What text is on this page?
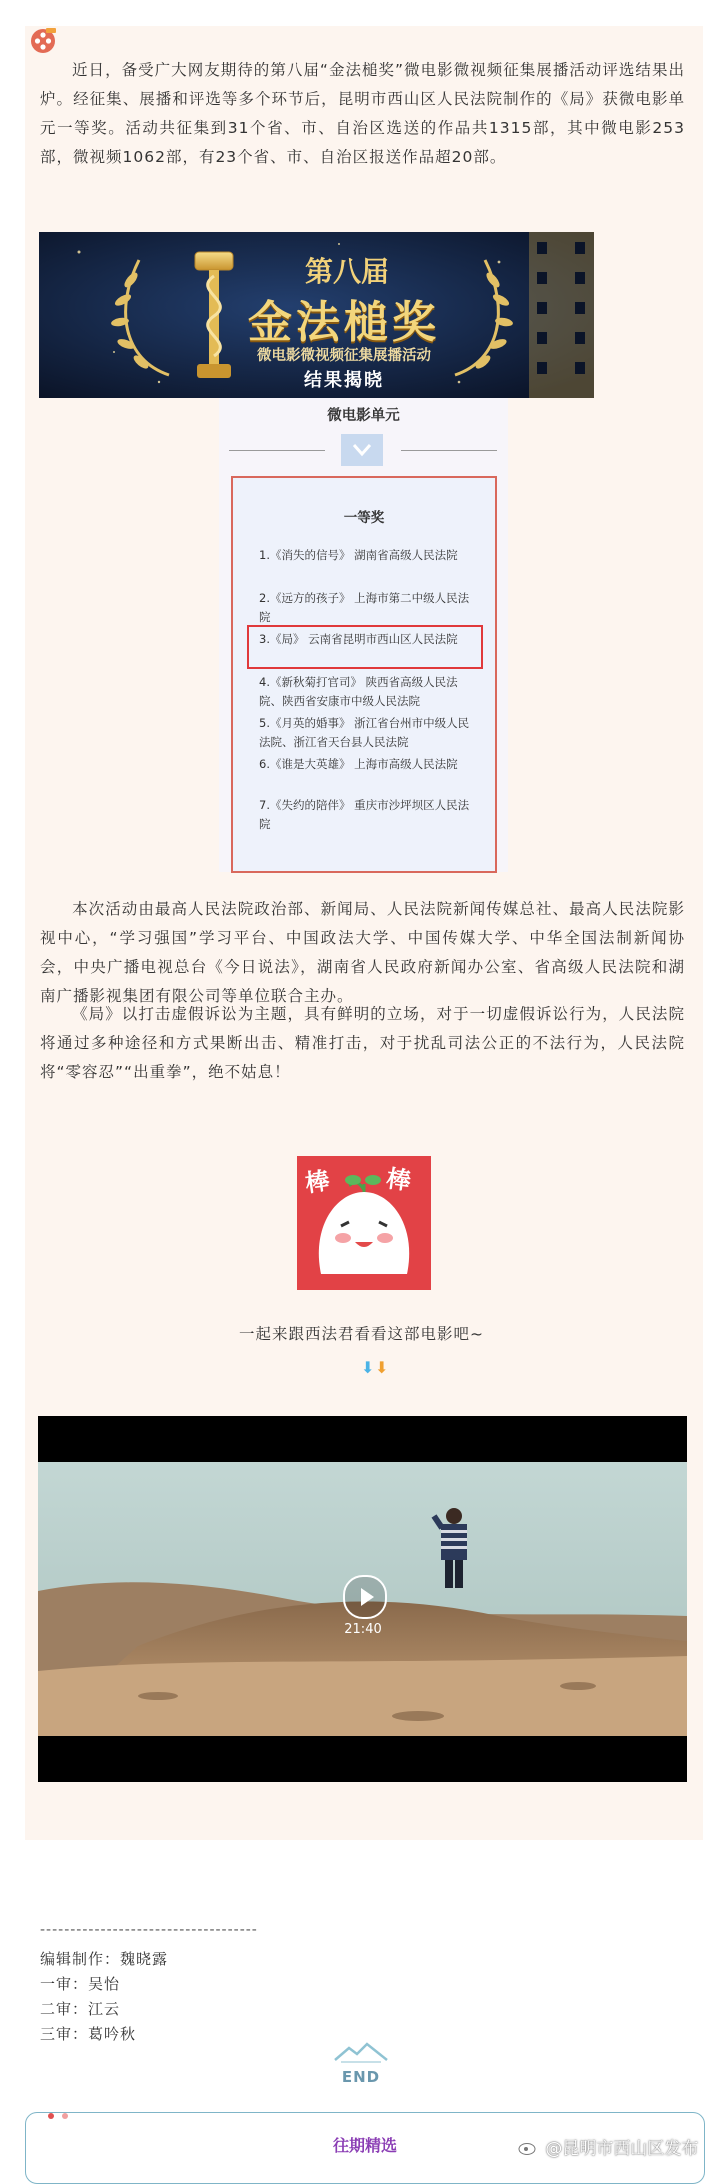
近日，备受广大网友期待的第八届“金法槌奖”微电影微视频征集展播活动评选结果出炉。经征集、展播和评选等多个环节后，昆明市西山区人民法院制作的《局》获微电影单元一等奖。活动共征集到31个省、市、自治区选送的作品共1315部，其中微电影253部，微视频1062部，有23个省、市、自治区报送作品超20部。

第八届
金法槌奖
微电影微视频征集展播活动
结果揭晓
微电影单元
一等奖
1.《消失的信号》 湖南省高级人民法院
2.《远方的孩子》 上海市第二中级人民法院
3.《局》 云南省昆明市西山区人民法院
4.《新秋菊打官司》 陕西省高级人民法院、陕西省安康市中级人民法院
5.《月英的婚事》 浙江省台州市中级人民法院、浙江省天台县人民法院
6.《谁是大英雄》 上海市高级人民法院
7.《失约的陪伴》 重庆市沙坪坝区人民法院

本次活动由最高人民法院政治部、新闻局、人民法院新闻传媒总社、最高人民法院影视中心，“学习强国”学习平台、中国政法大学、中国传媒大学、中华全国法制新闻协会，中央广播电视总台《今日说法》，湖南省人民政府新闻办公室、省高级人民法院和湖南广播影视集团有限公司等单位联合主办。

《局》以打击虚假诉讼为主题，具有鲜明的立场，对于一切虚假诉讼行为，人民法院将通过多种途径和方式果断出击、精准打击，对于扰乱司法公正的不法行为，人民法院将“零容忍”“出重拳”，绝不姑息！

棒 棒
一起来跟西法君看看这部电影吧~
⬇ ⬇
21:40
------------------------------------
编辑制作：魏晓露
一审：吴怡
二审：江云
三审：葛吟秋
END
往期精选	@昆明市西山区发布
